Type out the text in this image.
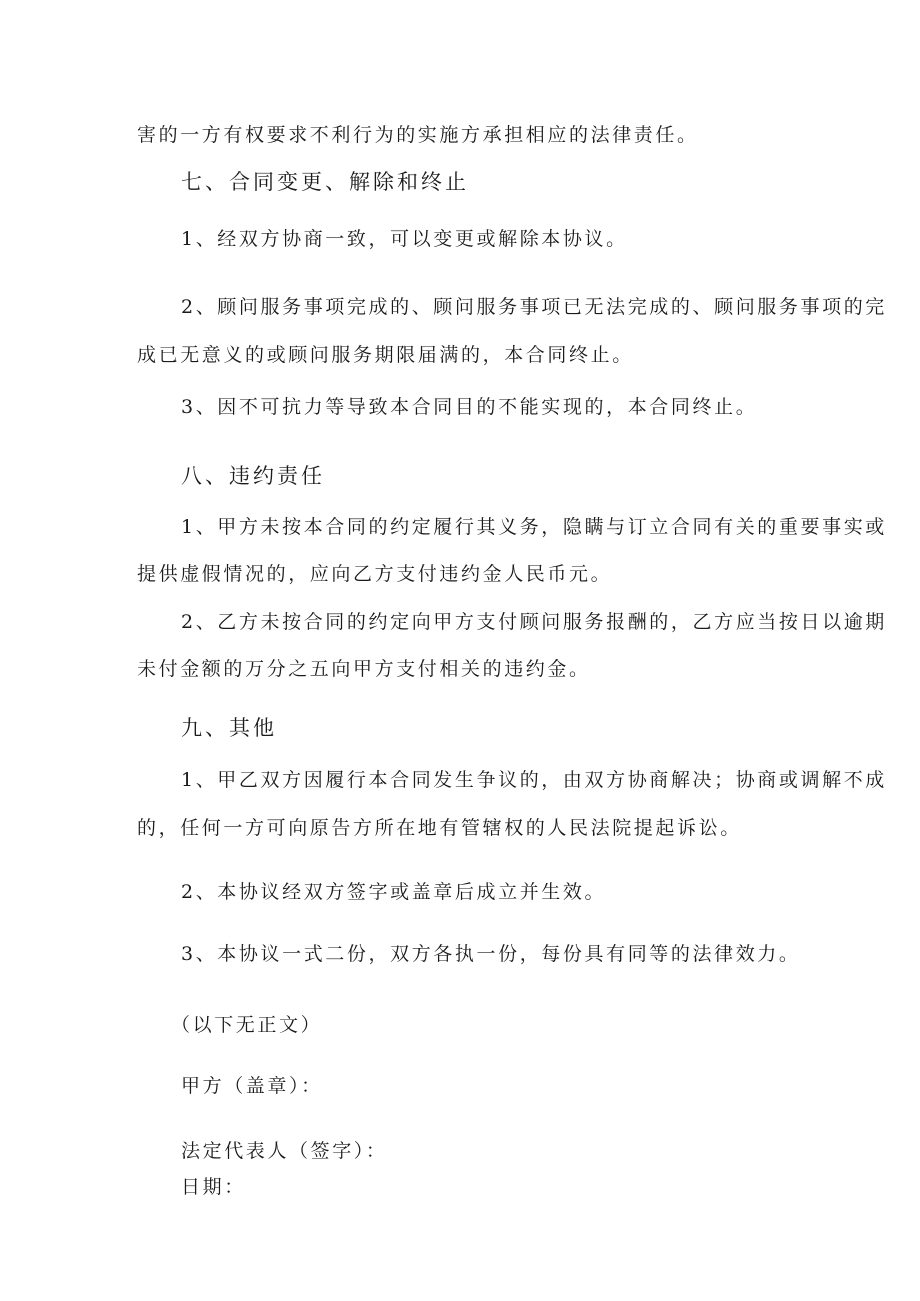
害的一方有权要求不利行为的实施方承担相应的法律责任。
七、合同变更、解除和终止
1、经双方协商一致，可以变更或解除本协议。
2、顾问服务事项完成的、顾问服务事项已无法完成的、顾问服务事项的完
成已无意义的或顾问服务期限届满的，本合同终止。
3、因不可抗力等导致本合同目的不能实现的，本合同终止。
八、违约责任
1、甲方未按本合同的约定履行其义务，隐瞒与订立合同有关的重要事实或
提供虚假情况的，应向乙方支付违约金人民币元。
2、乙方未按合同的约定向甲方支付顾问服务报酬的，乙方应当按日以逾期
未付金额的万分之五向甲方支付相关的违约金。
九、其他
1、甲乙双方因履行本合同发生争议的，由双方协商解决；协商或调解不成
的，任何一方可向原告方所在地有管辖权的人民法院提起诉讼。
2、本协议经双方签字或盖章后成立并生效。
3、本协议一式二份，双方各执一份，每份具有同等的法律效力。
（以下无正文）
甲方（盖章）：
法定代表人（签字）：
日期：
